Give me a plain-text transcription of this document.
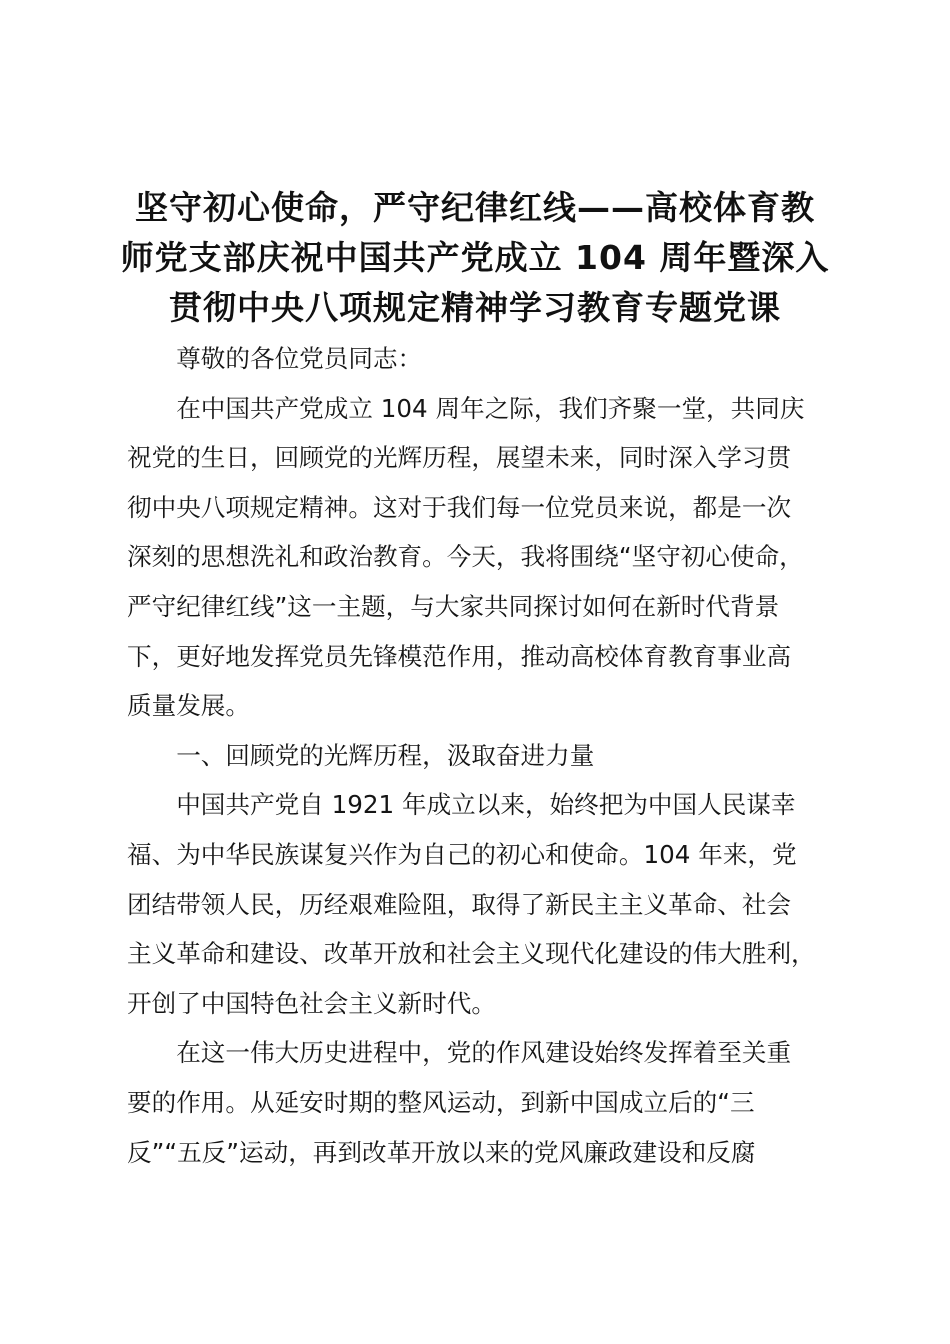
坚守初心使命，严守纪律红线——高校体育教
师党支部庆祝中国共产党成立 104 周年暨深入
贯彻中央八项规定精神学习教育专题党课

尊敬的各位党员同志：

在中国共产党成立 104 周年之际，我们齐聚一堂，共同庆
祝党的生日，回顾党的光辉历程，展望未来，同时深入学习贯
彻中央八项规定精神。这对于我们每一位党员来说，都是一次
深刻的思想洗礼和政治教育。今天，我将围绕“坚守初心使命，
严守纪律红线”这一主题，与大家共同探讨如何在新时代背景
下，更好地发挥党员先锋模范作用，推动高校体育教育事业高
质量发展。

一、回顾党的光辉历程，汲取奋进力量

中国共产党自 1921 年成立以来，始终把为中国人民谋幸
福、为中华民族谋复兴作为自己的初心和使命。104 年来，党
团结带领人民，历经艰难险阻，取得了新民主主义革命、社会
主义革命和建设、改革开放和社会主义现代化建设的伟大胜利，
开创了中国特色社会主义新时代。

在这一伟大历史进程中，党的作风建设始终发挥着至关重
要的作用。从延安时期的整风运动，到新中国成立后的“三
反”“五反”运动，再到改革开放以来的党风廉政建设和反腐
